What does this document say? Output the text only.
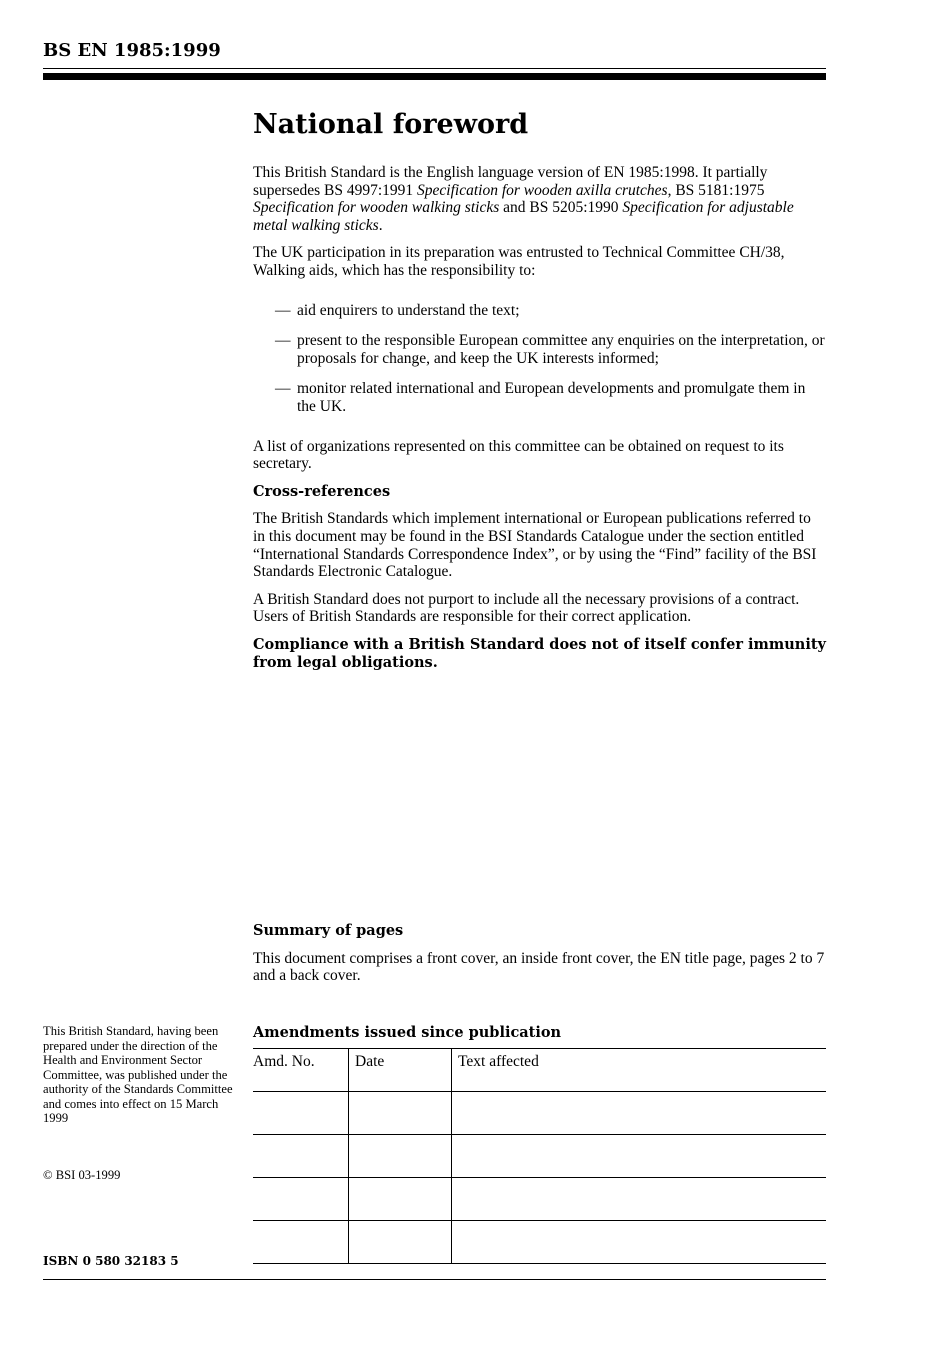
BS EN 1985:1999
National foreword

This British Standard is the English language version of EN 1985:1998. It partially supersedes BS 4997:1991 Specification for wooden axilla crutches, BS 5181:1975 Specification for wooden walking sticks and BS 5205:1990 Specification for adjustable metal walking sticks.

The UK participation in its preparation was entrusted to Technical Committee CH/38, Walking aids, which has the responsibility to:

— aid enquirers to understand the text;
— present to the responsible European committee any enquiries on the interpretation, or proposals for change, and keep the UK interests informed;
— monitor related international and European developments and promulgate them in the UK.

A list of organizations represented on this committee can be obtained on request to its secretary.

Cross-references

The British Standards which implement international or European publications referred to in this document may be found in the BSI Standards Catalogue under the section entitled “International Standards Correspondence Index”, or by using the “Find” facility of the BSI Standards Electronic Catalogue.

A British Standard does not purport to include all the necessary provisions of a contract. Users of British Standards are responsible for their correct application.

Compliance with a British Standard does not of itself confer immunity from legal obligations.

Summary of pages

This document comprises a front cover, an inside front cover, the EN title page, pages 2 to 7 and a back cover.

This British Standard, having been prepared under the direction of the Health and Environment Sector Committee, was published under the authority of the Standards Committee and comes into effect on 15 March 1999
© BSI 03-1999
ISBN 0 580 32183 5
Amendments issued since publication
Amd. No.	Date	Text affected
